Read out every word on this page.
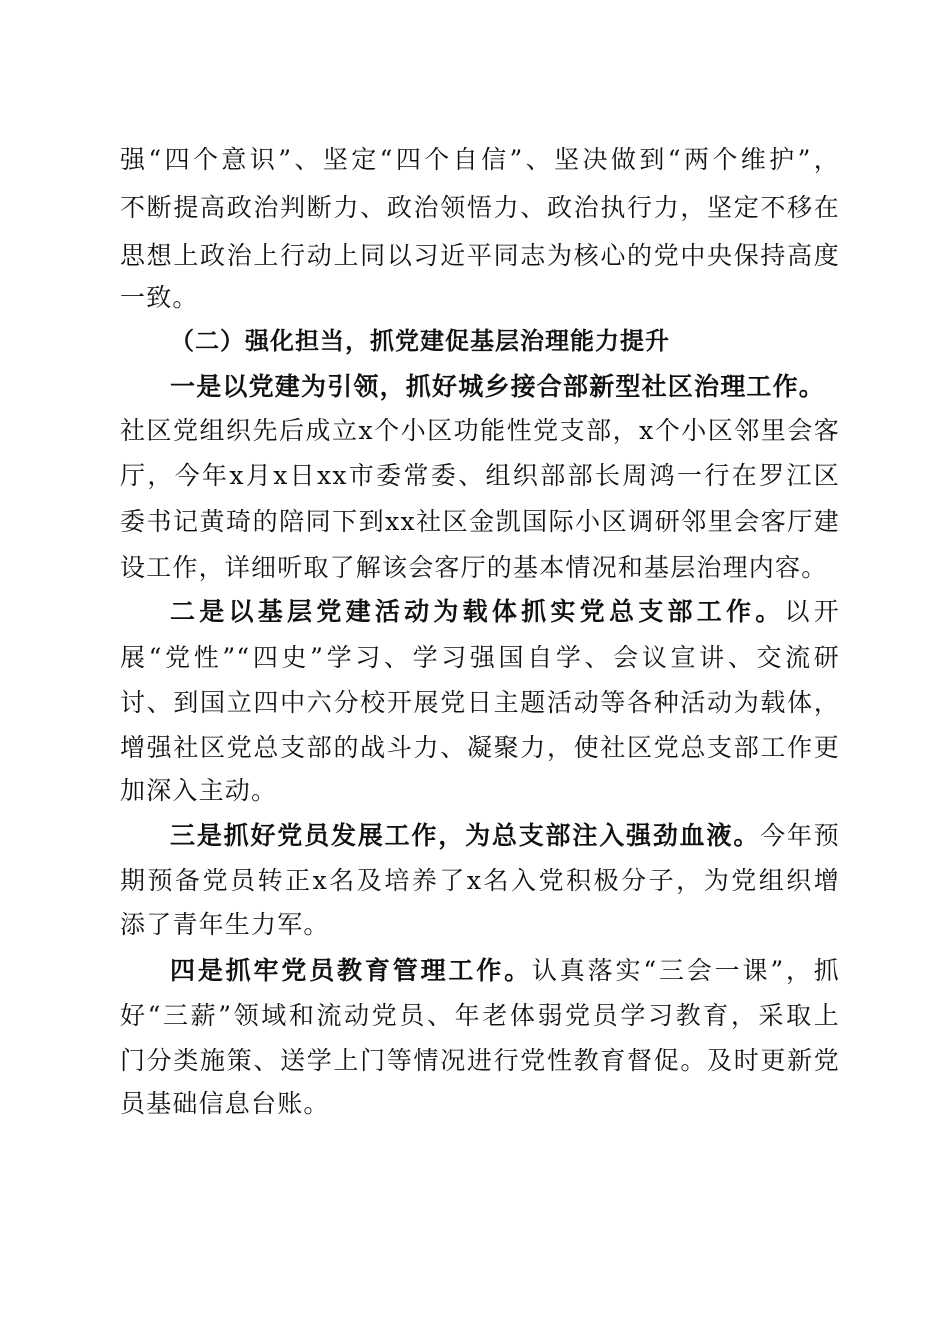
强“四个意识”、坚定“四个自信”、坚决做到“两个维护”，
不断提高政治判断力、政治领悟力、政治执行力，坚定不移在
思想上政治上行动上同以习近平同志为核心的党中央保持高度
一致。
（二）强化担当，抓党建促基层治理能力提升
一是以党建为引领，抓好城乡接合部新型社区治理工作。
社区党组织先后成立x个小区功能性党支部，x个小区邻里会客
厅，今年x月x日xx市委常委、组织部部长周鸿一行在罗江区
委书记黄琦的陪同下到xx社区金凯国际小区调研邻里会客厅建
设工作，详细听取了解该会客厅的基本情况和基层治理内容。
二是以基层党建活动为载体抓实党总支部工作。以开
展“党性”“四史”学习、学习强国自学、会议宣讲、交流研
讨、到国立四中六分校开展党日主题活动等各种活动为载体，
增强社区党总支部的战斗力、凝聚力，使社区党总支部工作更
加深入主动。
三是抓好党员发展工作，为总支部注入强劲血液。今年预
期预备党员转正x名及培养了x名入党积极分子，为党组织增
添了青年生力军。
四是抓牢党员教育管理工作。认真落实“三会一课”，抓
好“三薪”领域和流动党员、年老体弱党员学习教育，采取上
门分类施策、送学上门等情况进行党性教育督促。及时更新党
员基础信息台账。
